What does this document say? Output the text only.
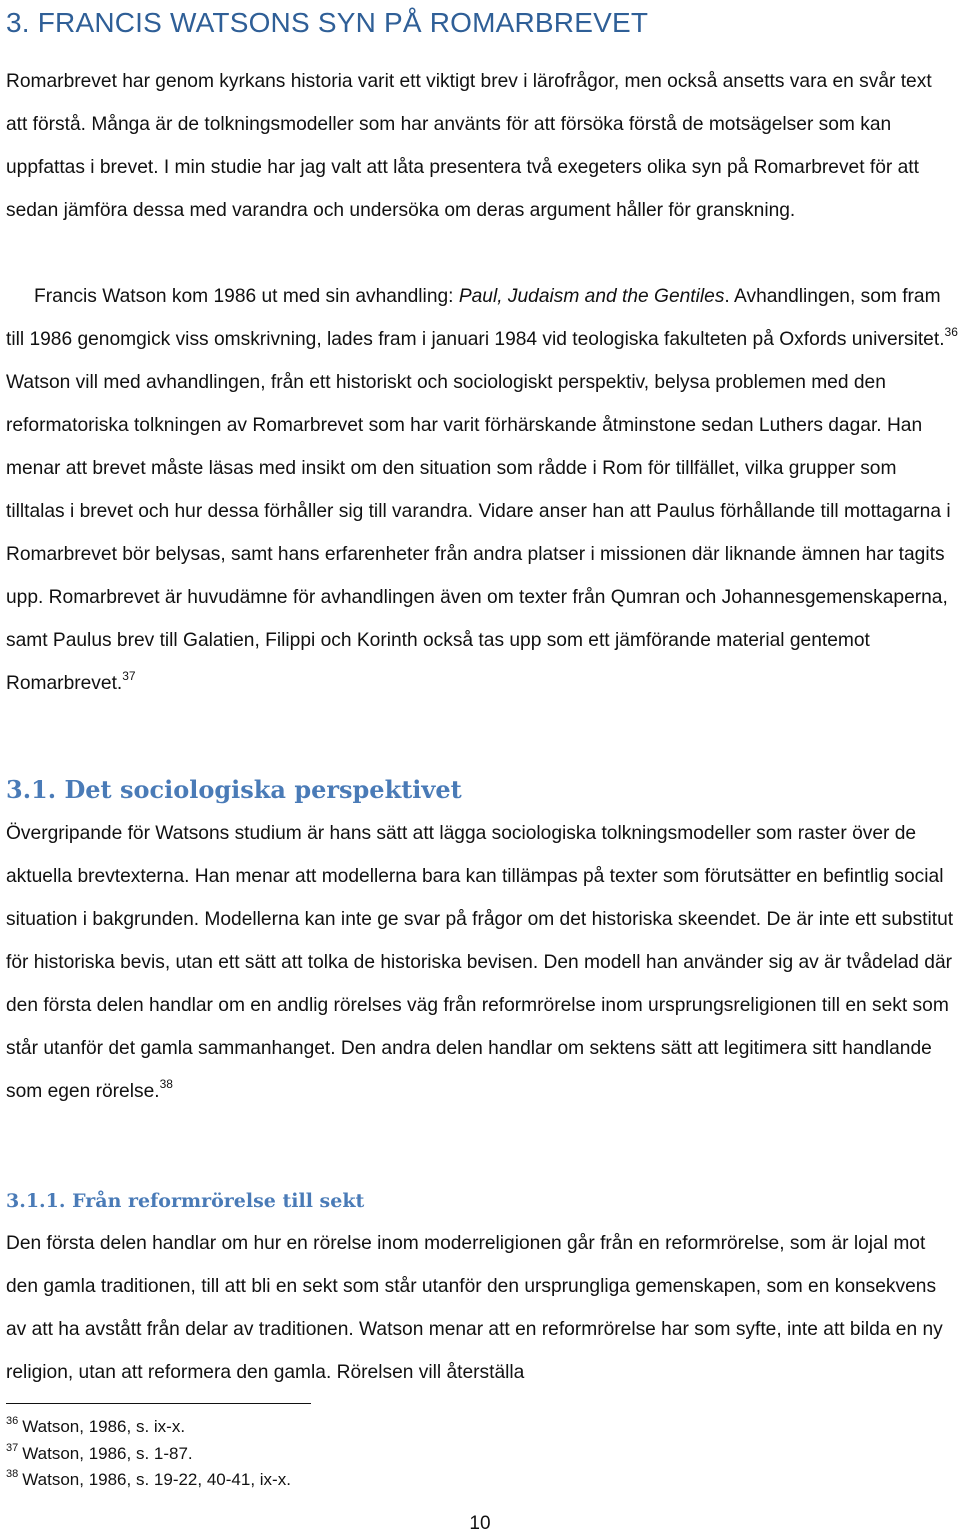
3. FRANCIS WATSONS SYN PÅ ROMARBREVET

Romarbrevet har genom kyrkans historia varit ett viktigt brev i lärofrågor, men också ansetts vara en svår text att förstå. Många är de tolkningsmodeller som har använts för att försöka förstå de motsägelser som kan uppfattas i brevet. I min studie har jag valt att låta presentera två exegeters olika syn på Romarbrevet för att sedan jämföra dessa med varandra och undersöka om deras argument håller för granskning.

Francis Watson kom 1986 ut med sin avhandling: Paul, Judaism and the Gentiles. Avhandlingen, som fram till 1986 genomgick viss omskrivning, lades fram i januari 1984 vid teologiska fakulteten på Oxfords universitet.$^{36}$ Watson vill med avhandlingen, från ett historiskt och sociologiskt perspektiv, belysa problemen med den reformatoriska tolkningen av Romarbrevet som har varit förhärskande åtminstone sedan Luthers dagar. Han menar att brevet måste läsas med insikt om den situation som rådde i Rom för tillfället, vilka grupper som tilltalas i brevet och hur dessa förhåller sig till varandra. Vidare anser han att Paulus förhållande till mottagarna i Romarbrevet bör belysas, samt hans erfarenheter från andra platser i missionen där liknande ämnen har tagits upp. Romarbrevet är huvudämne för avhandlingen även om texter från Qumran och Johannesgemenskaperna, samt Paulus brev till Galatien, Filippi och Korinth också tas upp som ett jämförande material gentemot Romarbrevet.$^{37}$

3.1. Det sociologiska perspektivet

Övergripande för Watsons studium är hans sätt att lägga sociologiska tolkningsmodeller som raster över de aktuella brevtexterna. Han menar att modellerna bara kan tillämpas på texter som förutsätter en befintlig social situation i bakgrunden. Modellerna kan inte ge svar på frågor om det historiska skeendet. De är inte ett substitut för historiska bevis, utan ett sätt att tolka de historiska bevisen. Den modell han använder sig av är tvådelad där den första delen handlar om en andlig rörelses väg från reformrörelse inom ursprungsreligionen till en sekt som står utanför det gamla sammanhanget. Den andra delen handlar om sektens sätt att legitimera sitt handlande som egen rörelse.$^{38}$

3.1.1. Från reformrörelse till sekt

Den första delen handlar om hur en rörelse inom moderreligionen går från en reformrörelse, som är lojal mot den gamla traditionen, till att bli en sekt som står utanför den ursprungliga gemenskapen, som en konsekvens av att ha avstått från delar av traditionen. Watson menar att en reformrörelse har som syfte, inte att bilda en ny religion, utan att reformera den gamla. Rörelsen vill återställa

$^{36}$ Watson, 1986, s. ix-x.
$^{37}$ Watson, 1986, s. 1-87.
$^{38}$ Watson, 1986, s. 19-22, 40-41, ix-x.
10
